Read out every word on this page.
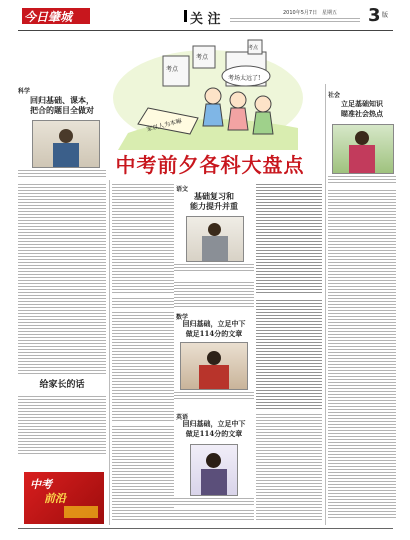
今日肇城	关 注	2010年5月7日 星期五 3 版
考点
考点
考点
考场太远了!
家以人为本嘛
中考前夕各科大盘点
科学
回归基础、课本，
把合的题目全做对
给家长的话
中考
前沿
社会
立足基础知识
瞄准社会热点
语文
基础复习和
能力提升并重
数学
回归基础，立足中下
做足114分的文章
英语
回归基础，立足中下
做足114分的文章
